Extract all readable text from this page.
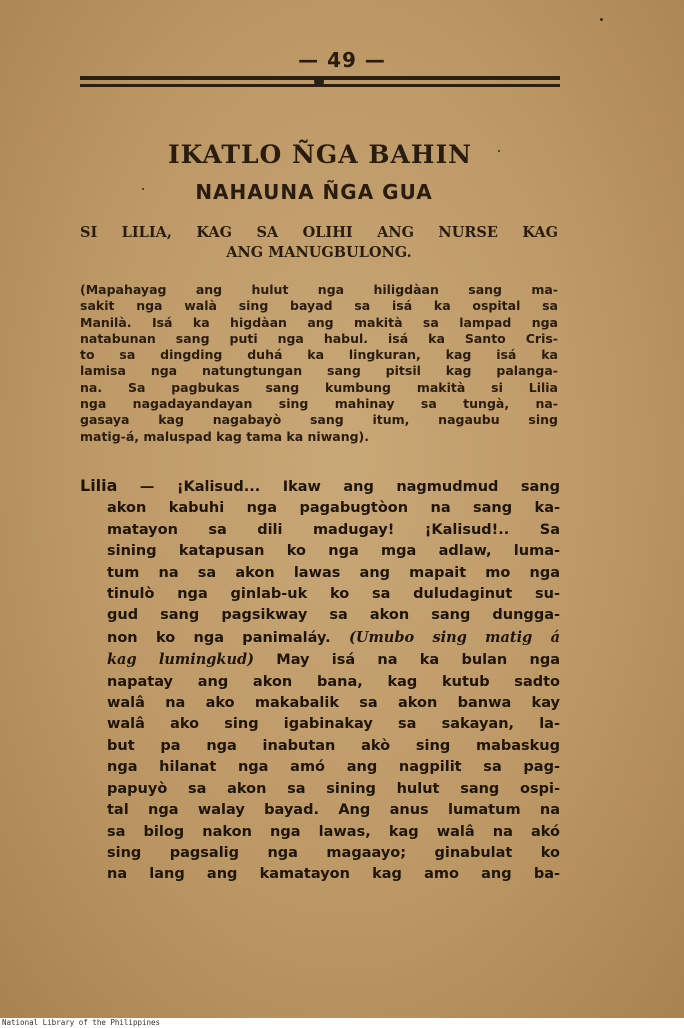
— 49 —
IKATLO ÑGA BAHIN
NAHAUNA ÑGA GUA
SI LILIA, KAG SA OLIHI ANG NURSE KAG
ANG MANUGBULONG.
(Mapahayag ang hulut nga hiligdàan sang ma-
sakit nga walà sing bayad sa isá ka ospital sa
Manilà. Isá ka higdàan ang makità sa lampad nga
natabunan sang puti nga habul. isá ka Santo Cris-
to sa dingding duhá ka lingkuran, kag isá ka
lamisa nga natungtungan sang pitsil kag palanga-
na. Sa pagbukas sang kumbung makità si Lilia
nga nagadayandayan sing mahinay sa tungà, na-
gasaya kag nagabayò sang itum, nagaubu sing
matig-á, maluspad kag tama ka niwang).
Lilia — ¡Kalisud... Ikaw ang nagmudmud sang
akon kabuhi nga pagabugtòon na sang ka-
matayon sa dili madugay! ¡Kalisud!.. Sa
sining katapusan ko nga mga adlaw, luma-
tum na sa akon lawas ang mapait mo nga
tinulò nga ginlab-uk ko sa duludaginut su-
gud sang pagsikway sa akon sang dungga-
non ko nga panimaláy. (Umubo sing matig á
kag lumingkud) May isá na ka bulan nga
napatay ang akon bana, kag kutub sadto
walâ na ako makabalik sa akon banwa kay
walâ ako sing igabinakay sa sakayan, la-
but pa nga inabutan akò sing mabaskug
nga hilanat nga amó ang nagpilit sa pag-
papuyò sa akon sa sining hulut sang ospi-
tal nga walay bayad. Ang anus lumatum na
sa bilog nakon nga lawas, kag walâ na akó
sing pagsalig nga magaayo; ginabulat ko
na lang ang kamatayon kag amo ang ba-
National Library of the Philippines
